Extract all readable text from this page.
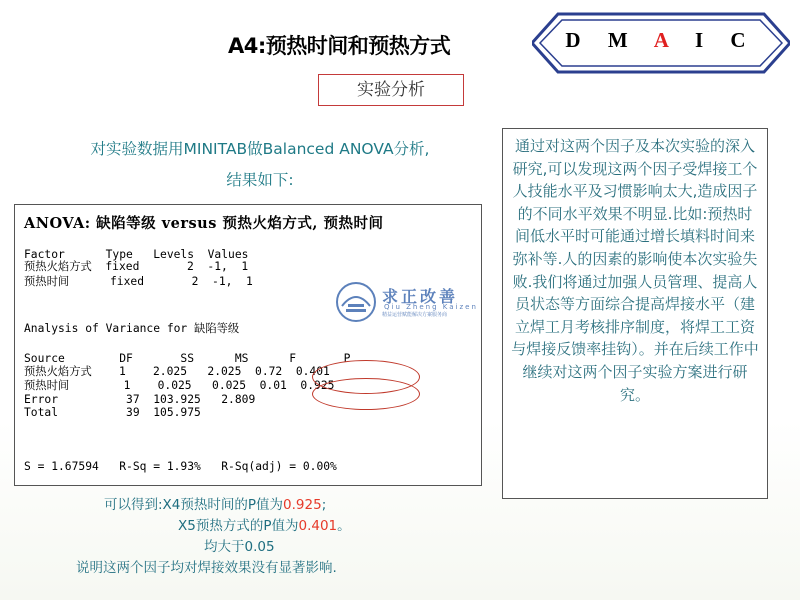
A4:预热时间和预热方式	D M A I C
实验分析
对实验数据用MINITAB做Balanced ANOVA分析,
结果如下:
ANOVA: 缺陷等级 versus 预热火焰方式, 预热时间
Factor      Type   Levels  Values
预热火焰方式  fixed       2  -1,  1
预热时间      fixed       2  -1,  1
Analysis of Variance for 缺陷等级
Source        DF       SS      MS      F       P
预热火焰方式    1    2.025   2.025  0.72  0.401
预热时间        1    0.025   0.025  0.01  0.925
Error          37  103.925   2.809
Total          39  105.975
S = 1.67594   R-Sq = 1.93%   R-Sq(adj) = 0.00%
求正改善
Qiu Zheng Kaizen
精益运营赋能解决方案服务商
可以得到:X4预热时间的P值为0.925;
X5预热方式的P值为0.401。
均大于0.05
说明这两个因子均对焊接效果没有显著影响.
通过对这两个因子及本次实验的深入研究,可以发现这两个因子受焊接工个人技能水平及习惯影响太大,造成因子的不同水平效果不明显.比如:预热时间低水平时可能通过增长填料时间来弥补等.人的因素的影响使本次实验失败.我们将通过加强人员管理、提高人员状态等方面综合提高焊接水平（建立焊工月考核排序制度，将焊工工资与焊接反馈率挂钩）。并在后续工作中继续对这两个因子实验方案进行研究。
